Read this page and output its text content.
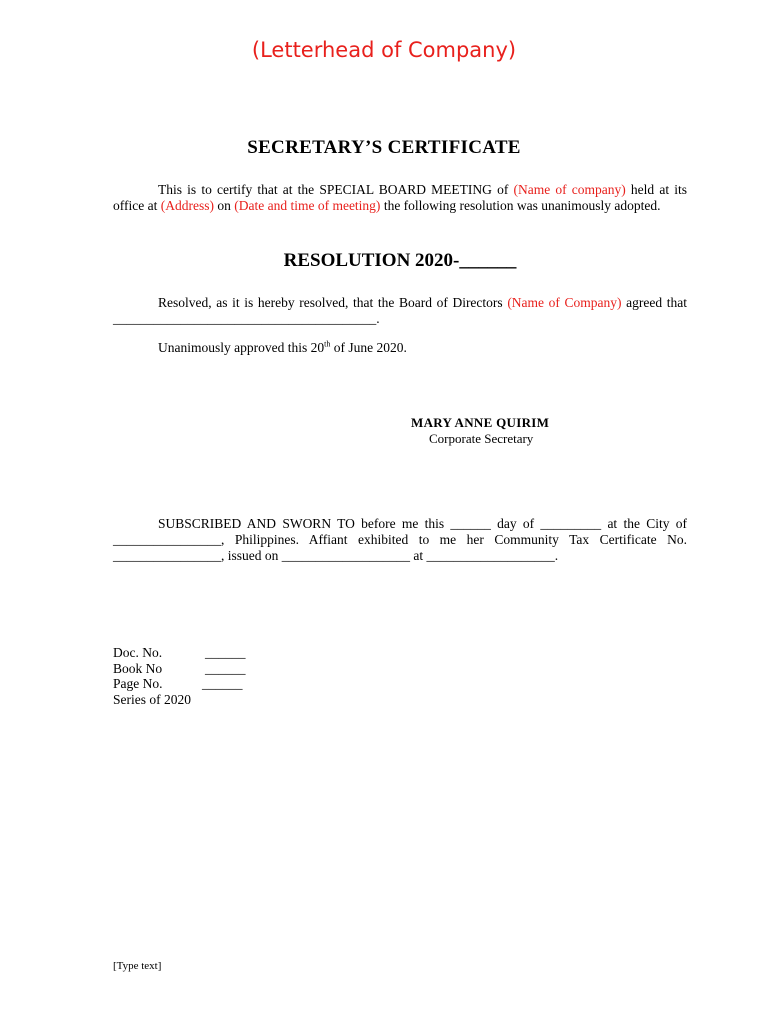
(Letterhead of Company)
SECRETARY’S CERTIFICATE
This is to certify that at the SPECIAL BOARD MEETING of (Name of company) held at its office at (Address) on (Date and time of meeting) the following resolution was unanimously adopted.
RESOLUTION 2020-______
Resolved, as it is hereby resolved, that the Board of Directors (Name of Company) agreed that _______________________________________.
Unanimously approved this 20th of June 2020.
MARY ANNE QUIRIM
Corporate Secretary
SUBSCRIBED AND SWORN TO before me this ______ day of _________ at the City of ________________, Philippines. Affiant exhibited to me her Community Tax Certificate No. ________________, issued on ___________________ at ___________________.
Doc. No.	______
Book No	______
Page No.	______
Series of 2020
[Type text]
